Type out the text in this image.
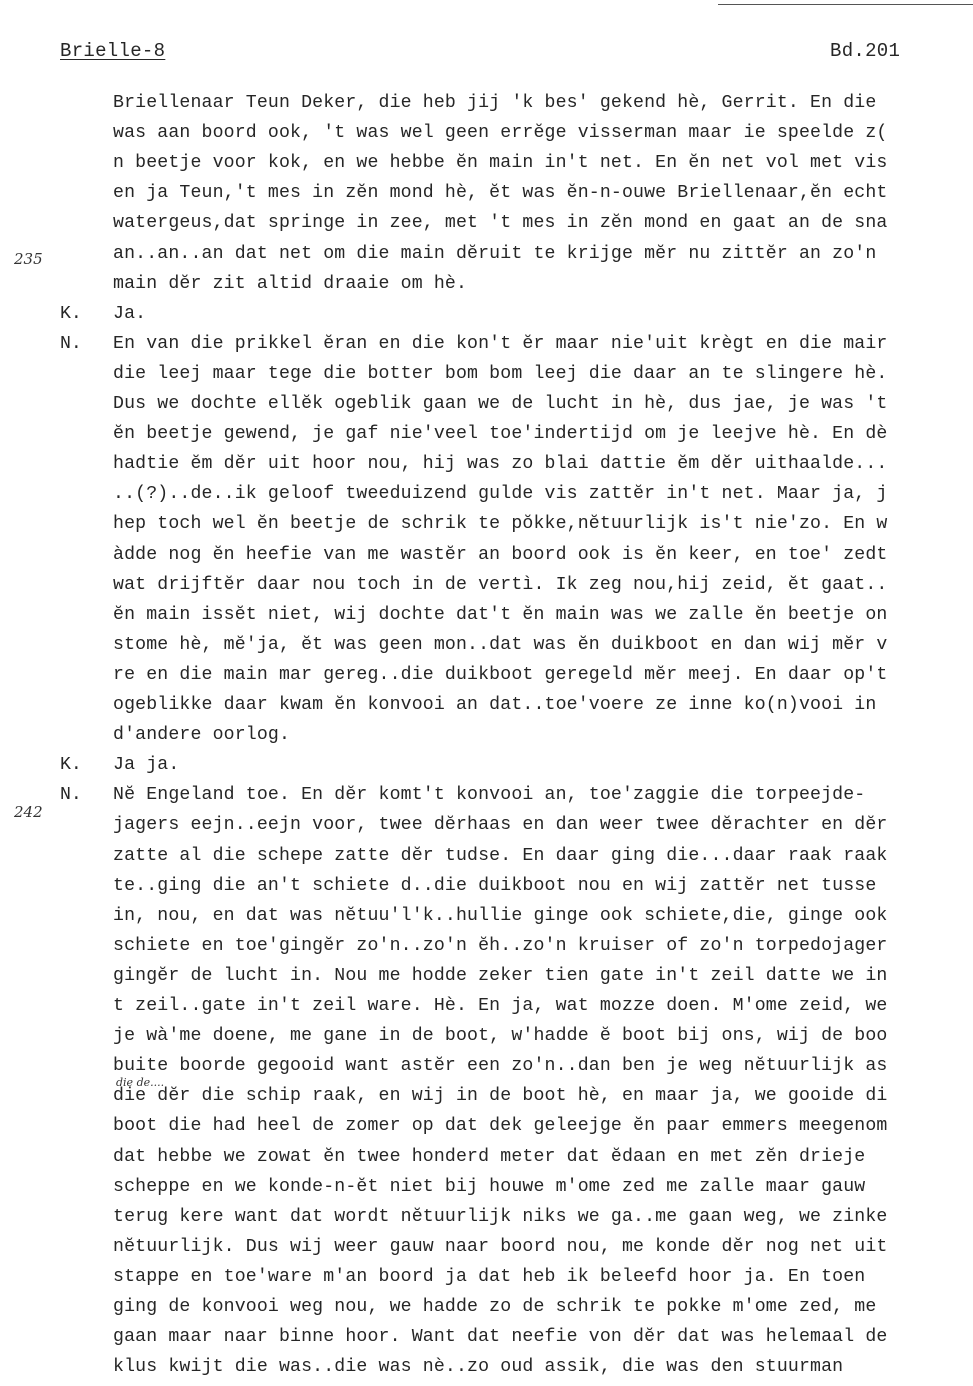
Brielle-8	Bd.201
235
242
die de....
Briellenaar Teun Deker, die heb jij 'k bes' gekend hè, Gerrit. En die
was aan boord ook, 't was wel geen errĕge visserman maar ie speelde z(
n beetje voor kok, en we hebbe ĕn main in't net. En ĕn net vol met vis
en ja Teun,'t mes in zĕn mond hè, ĕt was ĕn-n-ouwe Briellenaar,ĕn echt
watergeus,dat springe in zee, met 't mes in zĕn mond en gaat an de sna
an..an..an dat net om die main dĕruit te krijge mĕr nu zittĕr an zo'n
main dĕr zit altid draaie om hè.
K. Ja.
N. En van die prikkel ĕran en die kon't ĕr maar nie'uit krègt en die mair
die leej maar tege die botter bom bom leej die daar an te slingere hè.
Dus we dochte ellĕk ogeblik gaan we de lucht in hè, dus jae, je was 't
ĕn beetje gewend, je gaf nie'veel toe'indertijd om je leejve hè. En dè
hadtie ĕm dĕr uit hoor nou, hij was zo blai dattie ĕm dĕr uithaalde...
..(?)..de..ik geloof tweeduizend gulde vis zattĕr in't net. Maar ja, j
hep toch wel ĕn beetje de schrik te pŏkke,nĕtuurlijk is't nie'zo. En w
àdde nog ĕn heefie van me wastĕr an boord ook is ĕn keer, en toe' zedt
wat drijftĕr daar nou toch in de vertì. Ik zeg nou,hij zeid, ĕt gaat..
ĕn main issĕt niet, wij dochte dat't ĕn main was we zalle ĕn beetje on
stome hè, mĕ'ja, ĕt was geen mon..dat was ĕn duikboot en dan wij mĕr v
re en die main mar gereg..die duikboot geregeld mĕr meej. En daar op't
ogeblikke daar kwam ĕn konvooi an dat..toe'voere ze inne ko(n)vooi in
d'andere oorlog.
K. Ja ja.
N. Nĕ Engeland toe. En dĕr komt't konvooi an, toe'zaggie die torpeejde-
jagers eejn..eejn voor, twee dĕrhaas en dan weer twee dĕrachter en dĕr
zatte al die schepe zatte dĕr tudse. En daar ging die...daar raak raak
te..ging die an't schiete d..die duikboot nou en wij zattĕr net tusse
in, nou, en dat was nĕtuu'l'k..hullie ginge ook schiete,die, ginge ook
schiete en toe'gingĕr zo'n..zo'n ĕh..zo'n kruiser of zo'n torpedojager
gingĕr de lucht in. Nou me hodde zeker tien gate in't zeil datte we in
t zeil..gate in't zeil ware. Hè. En ja, wat mozze doen. M'ome zeid, we
je wà'me doene, me gane in de boot, w'hadde ĕ boot bij ons, wij de boo
buite boorde gegooid want astĕr een zo'n..dan ben je weg nĕtuurlijk as
die dĕr die schip raak, en wij in de boot hè, en maar ja, we gooide di
boot die had heel de zomer op dat dek geleejge ĕn paar emmers meegenom
dat hebbe we zowat ĕn twee honderd meter dat ĕdaan en met zĕn drieje
scheppe en we konde-n-ĕt niet bij houwe m'ome zed me zalle maar gauw
terug kere want dat wordt nĕtuurlijk niks we ga..me gaan weg, we zinke
nĕtuurlijk. Dus wij weer gauw naar boord nou, me konde dĕr nog net uit
stappe en toe'ware m'an boord ja dat heb ik beleefd hoor ja. En toen
ging de konvooi weg nou, we hadde zo de schrik te pokke m'ome zed, me
gaan maar naar binne hoor. Want dat neefie von dĕr dat was helemaal de
klus kwijt die was..die was nè..zo oud assik, die was den stuurman
